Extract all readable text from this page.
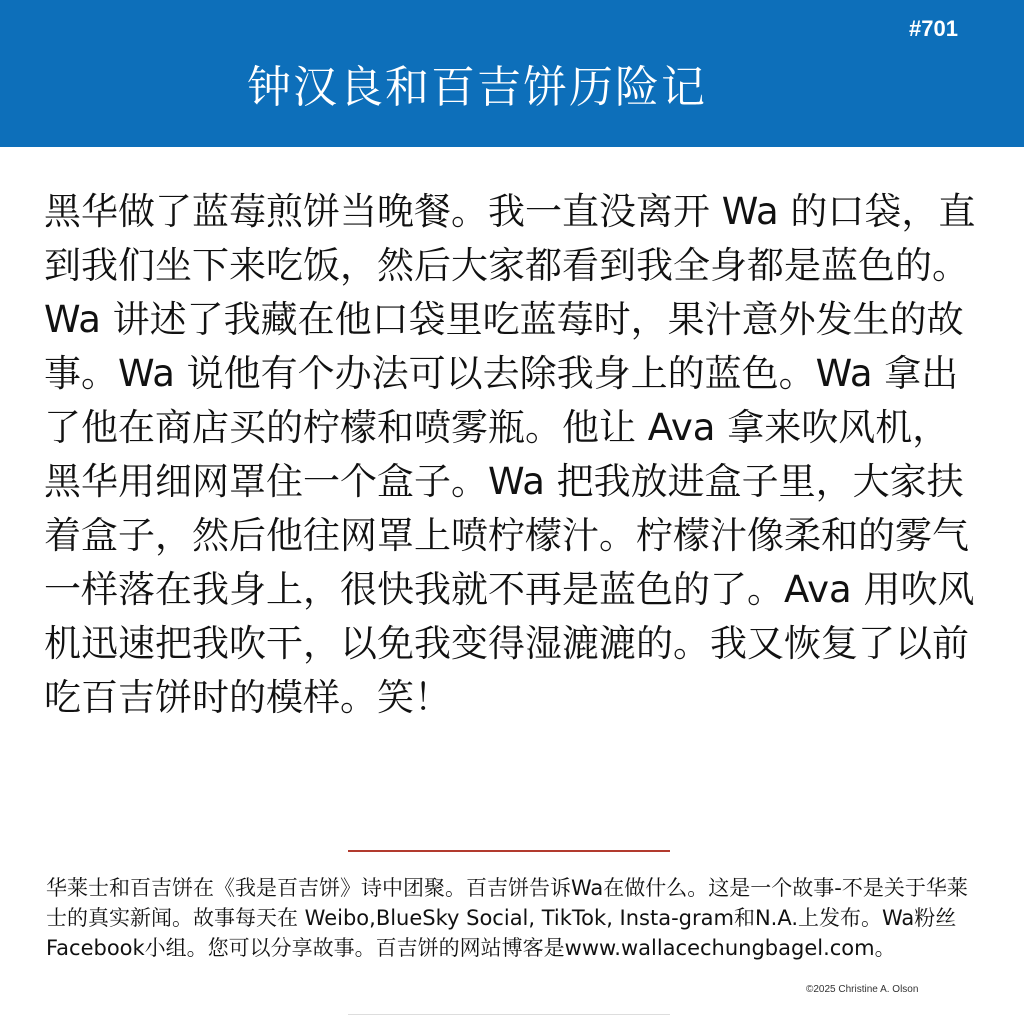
#701
钟汉良和百吉饼历险记

黑华做了蓝莓煎饼当晚餐。我一直没离开 Wa 的口袋，直到我们坐下来吃饭，然后大家都看到我全身都是蓝色的。Wa 讲述了我藏在他口袋里吃蓝莓时，果汁意外发生的故事。Wa 说他有个办法可以去除我身上的蓝色。Wa 拿出了他在商店买的柠檬和喷雾瓶。他让 Ava 拿来吹风机，黑华用细网罩住一个盒子。Wa 把我放进盒子里，大家扶着盒子，然后他往网罩上喷柠檬汁。柠檬汁像柔和的雾气一样落在我身上，很快我就不再是蓝色的了。Ava 用吹风机迅速把我吹干，以免我变得湿漉漉的。我又恢复了以前吃百吉饼时的模样。笑！

华莱士和百吉饼在《我是百吉饼》诗中团聚。百吉饼告诉Wa在做什么。这是一个故事-不是关于华莱士的真实新闻。故事每天在 Weibo,BlueSky Social, TikTok, Insta-gram和N.A.上发布。Wa粉丝Facebook小组。您可以分享故事。百吉饼的网站博客是www.wallacechungbagel.com。

©2025 Christine A. Olson
